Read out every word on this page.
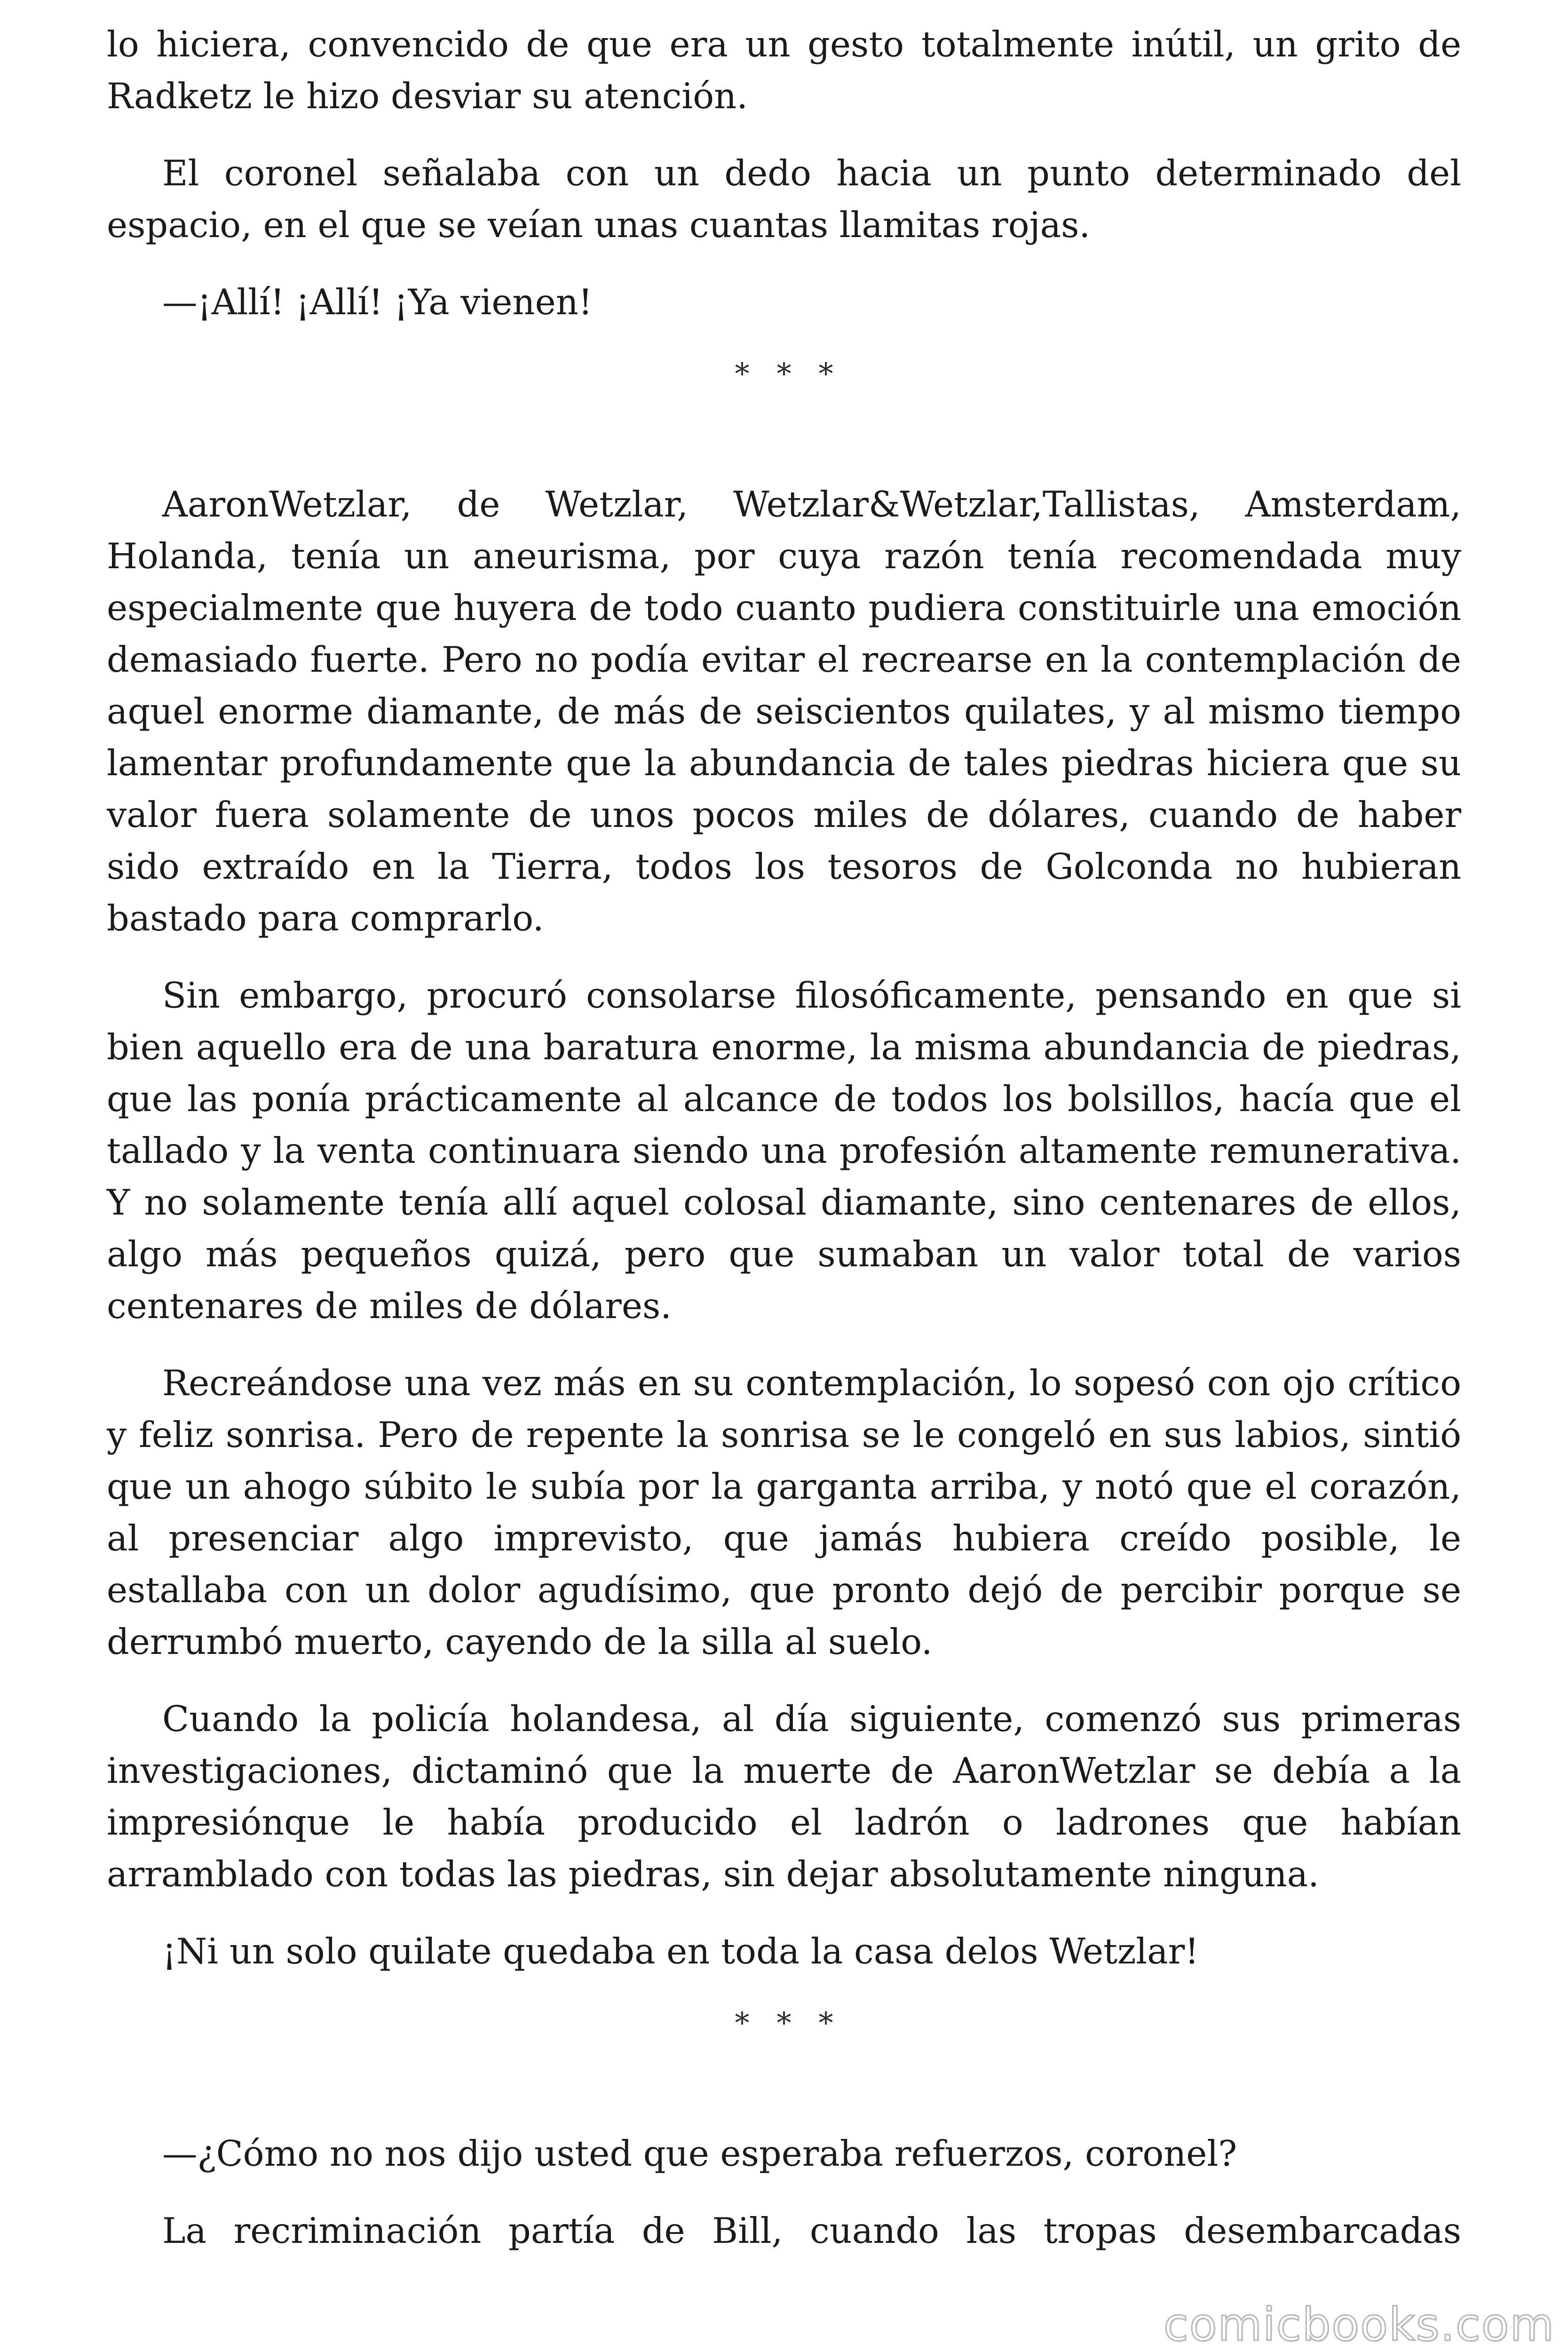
lo hiciera, convencido de que era un gesto totalmente inútil, un grito de Radketz le hizo desviar su atención.

El coronel señalaba con un dedo hacia un punto determinado del espacio, en el que se veían unas cuantas llamitas rojas.

—¡Allí! ¡Allí! ¡Ya vienen!

***

AaronWetzlar, de Wetzlar, Wetzlar&Wetzlar,Tallistas, Amsterdam, Holanda, tenía un aneurisma, por cuya razón tenía recomendada muy especialmente que huyera de todo cuanto pudiera constituirle una emoción demasiado fuerte. Pero no podía evitar el recrearse en la contemplación de aquel enorme diamante, de más de seiscientos quilates, y al mismo tiempo lamentar profundamente que la abundancia de tales piedras hiciera que su valor fuera solamente de unos pocos miles de dólares, cuando de haber sido extraído en la Tierra, todos los tesoros de Golconda no hubieran bastado para comprarlo.

Sin embargo, procuró consolarse filosóficamente, pensando en que si bien aquello era de una baratura enorme, la misma abundancia de piedras, que las ponía prácticamente al alcance de todos los bolsillos, hacía que el tallado y la venta continuara siendo una profesión altamente remunerativa. Y no solamente tenía allí aquel colosal diamante, sino centenares de ellos, algo más pequeños quizá, pero que sumaban un valor total de varios centenares de miles de dólares.

Recreándose una vez más en su contemplación, lo sopesó con ojo crítico y feliz sonrisa. Pero de repente la sonrisa se le congeló en sus labios, sintió que un ahogo súbito le subía por la garganta arriba, y notó que el corazón, al presenciar algo imprevisto, que jamás hubiera creído posible, le estallaba con un dolor agudísimo, que pronto dejó de percibir porque se derrumbó muerto, cayendo de la silla al suelo.

Cuando la policía holandesa, al día siguiente, comenzó sus primeras investigaciones, dictaminó que la muerte de AaronWetzlar se debía a la impresiónque le había producido el ladrón o ladrones que habían arramblado con todas las piedras, sin dejar absolutamente ninguna.

¡Ni un solo quilate quedaba en toda la casa delos Wetzlar!

***

—¿Cómo no nos dijo usted que esperaba refuerzos, coronel?

La recriminación partía de Bill, cuando las tropas desembarcadas

comicbooks.com
